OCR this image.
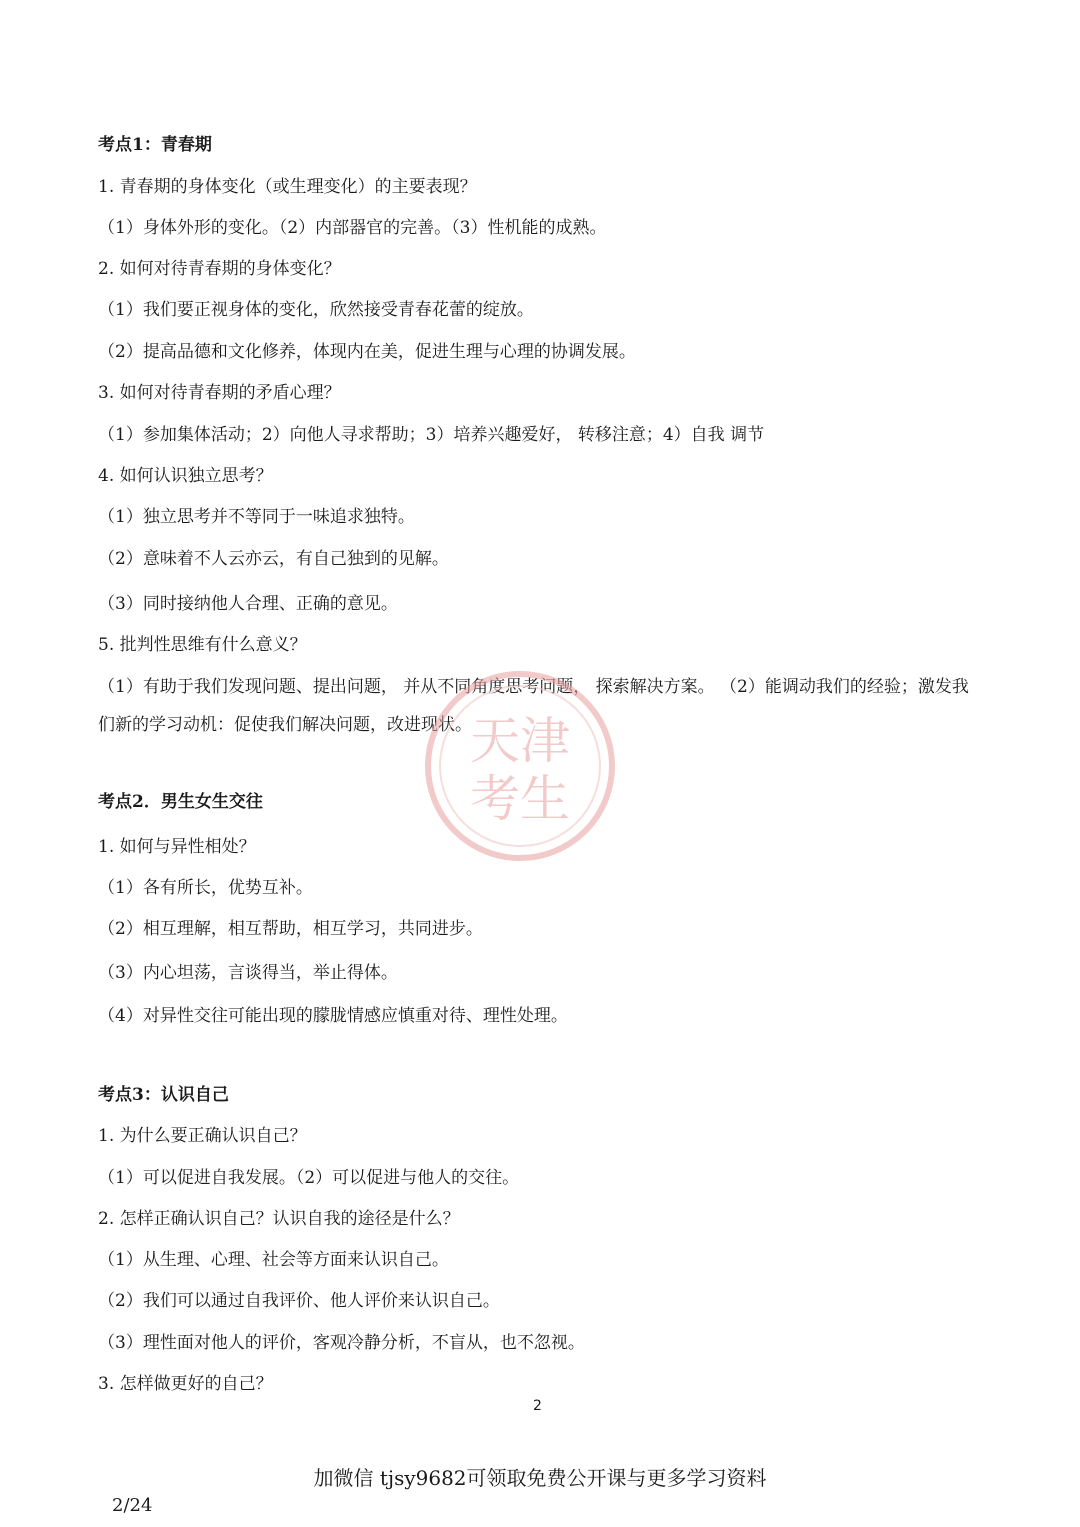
考点1：青春期
1. 青春期的身体变化（或生理变化）的主要表现？
（1）身体外形的变化。（2）内部器官的完善。（3）性机能的成熟。
2. 如何对待青春期的身体变化？
（1）我们要正视身体的变化，欣然接受青春花蕾的绽放。
（2）提高品德和文化修养，体现内在美，促进生理与心理的协调发展。
3. 如何对待青春期的矛盾心理？
（1）参加集体活动；2）向他人寻求帮助；3）培养兴趣爱好， 转移注意；4）自我 调节
4. 如何认识独立思考？
（1）独立思考并不等同于一味追求独特。
（2）意味着不人云亦云，有自己独到的见解。
（3）同时接纳他人合理、正确的意见。
5. 批判性思维有什么意义？
（1）有助于我们发现问题、提出问题， 并从不同角度思考问题， 探索解决方案。 （2）能调动我们的经验；激发我们新的学习动机：促使我们解决问题，改进现状。
天津
考生
考点2．男生女生交往
1. 如何与异性相处？
（1）各有所长，优势互补。
（2）相互理解，相互帮助，相互学习，共同进步。
（3）内心坦荡，言谈得当，举止得体。
（4）对异性交往可能出现的朦胧情感应慎重对待、理性处理。
考点3：认识自己
1. 为什么要正确认识自己？
（1）可以促进自我发展。（2）可以促进与他人的交往。
2. 怎样正确认识自己？认识自我的途径是什么？
（1）从生理、心理、社会等方面来认识自己。
（2）我们可以通过自我评价、他人评价来认识自己。
（3）理性面对他人的评价，客观冷静分析，不盲从，也不忽视。
3. 怎样做更好的自己？
2
加微信 tjsy9682可领取免费公开课与更多学习资料
2/24
